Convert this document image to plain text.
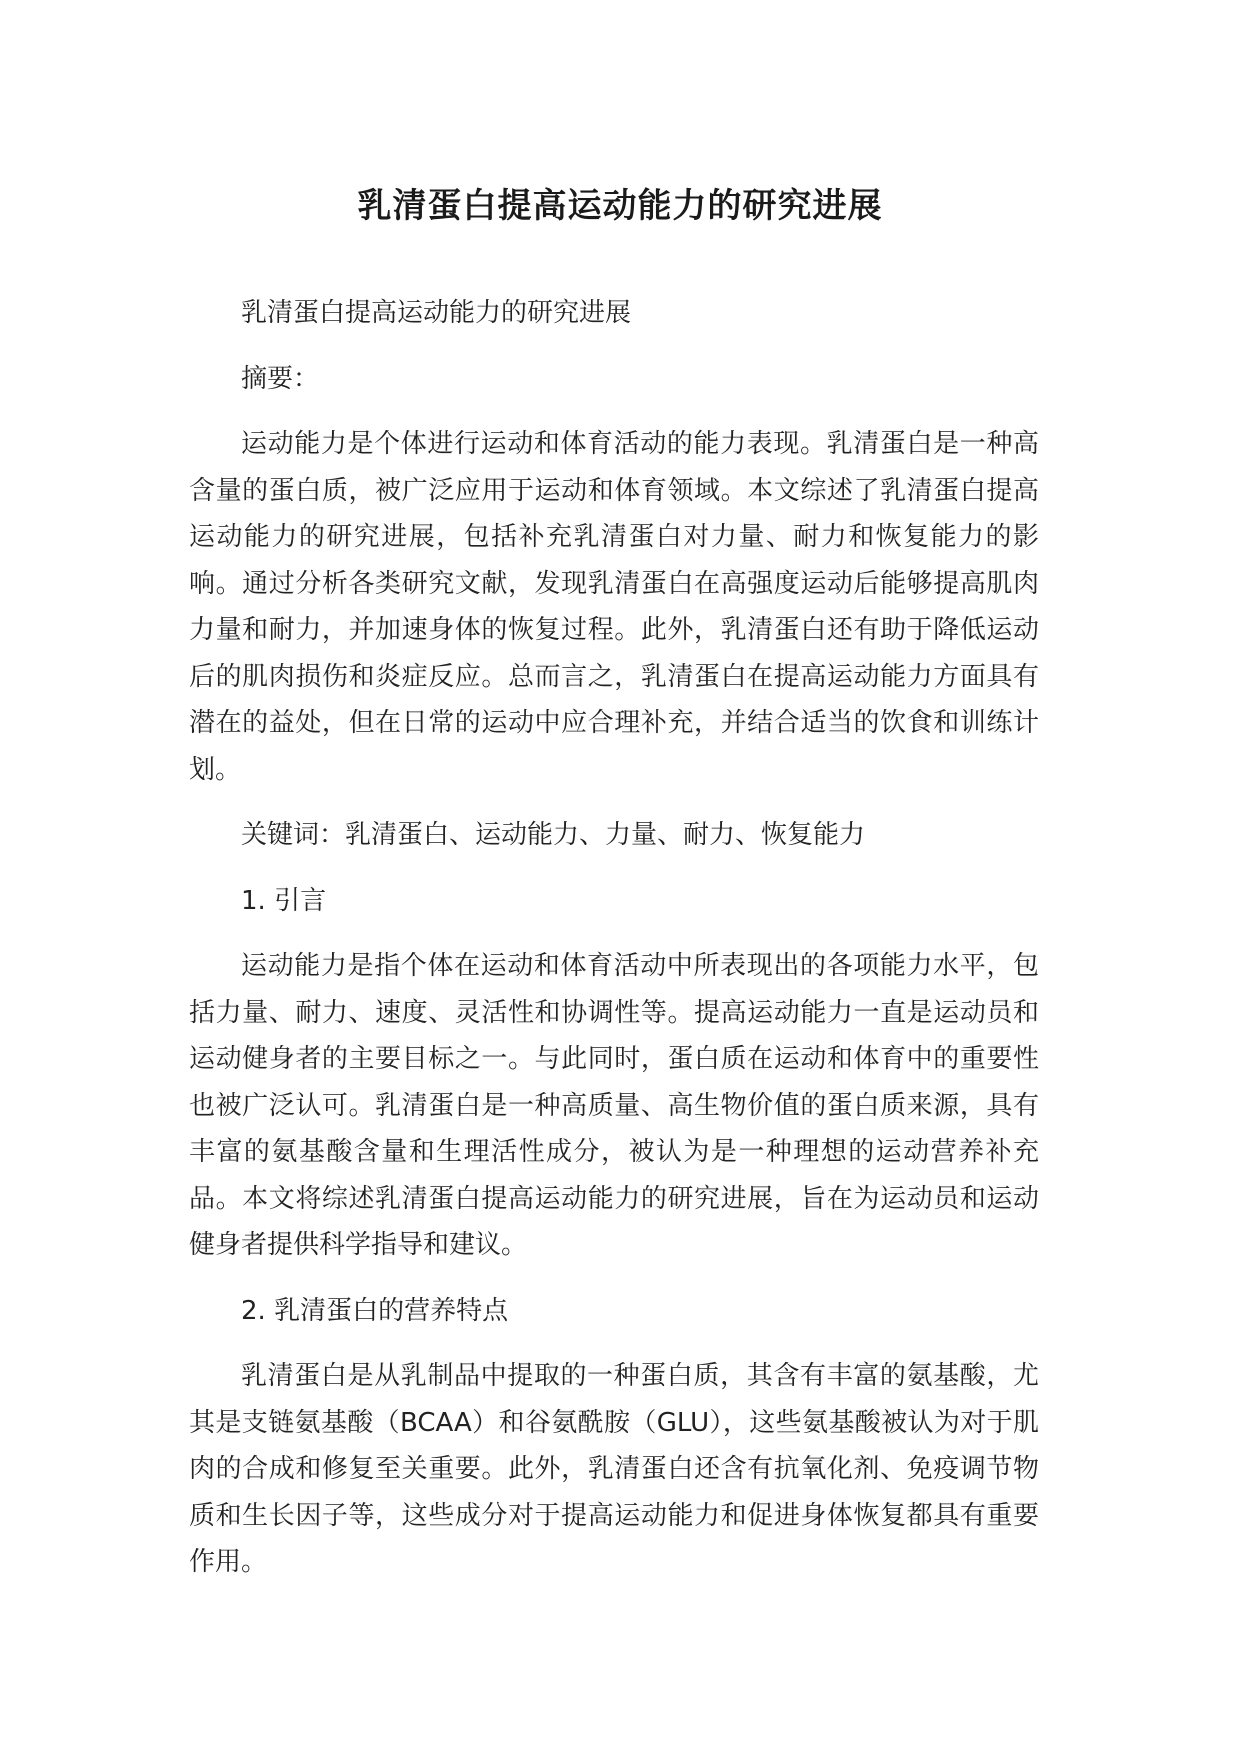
乳清蛋白提高运动能力的研究进展

乳清蛋白提高运动能力的研究进展

摘要：

运动能力是个体进行运动和体育活动的能力表现。乳清蛋白是一种高含量的蛋白质，被广泛应用于运动和体育领域。本文综述了乳清蛋白提高运动能力的研究进展，包括补充乳清蛋白对力量、耐力和恢复能力的影响。通过分析各类研究文献，发现乳清蛋白在高强度运动后能够提高肌肉力量和耐力，并加速身体的恢复过程。此外，乳清蛋白还有助于降低运动后的肌肉损伤和炎症反应。总而言之，乳清蛋白在提高运动能力方面具有潜在的益处，但在日常的运动中应合理补充，并结合适当的饮食和训练计划。

关键词：乳清蛋白、运动能力、力量、耐力、恢复能力

1. 引言

运动能力是指个体在运动和体育活动中所表现出的各项能力水平，包括力量、耐力、速度、灵活性和协调性等。提高运动能力一直是运动员和运动健身者的主要目标之一。与此同时，蛋白质在运动和体育中的重要性也被广泛认可。乳清蛋白是一种高质量、高生物价值的蛋白质来源，具有丰富的氨基酸含量和生理活性成分，被认为是一种理想的运动营养补充品。本文将综述乳清蛋白提高运动能力的研究进展，旨在为运动员和运动健身者提供科学指导和建议。

2. 乳清蛋白的营养特点

乳清蛋白是从乳制品中提取的一种蛋白质，其含有丰富的氨基酸，尤其是支链氨基酸（BCAA）和谷氨酰胺（GLU），这些氨基酸被认为对于肌肉的合成和修复至关重要。此外，乳清蛋白还含有抗氧化剂、免疫调节物质和生长因子等，这些成分对于提高运动能力和促进身体恢复都具有重要作用。
